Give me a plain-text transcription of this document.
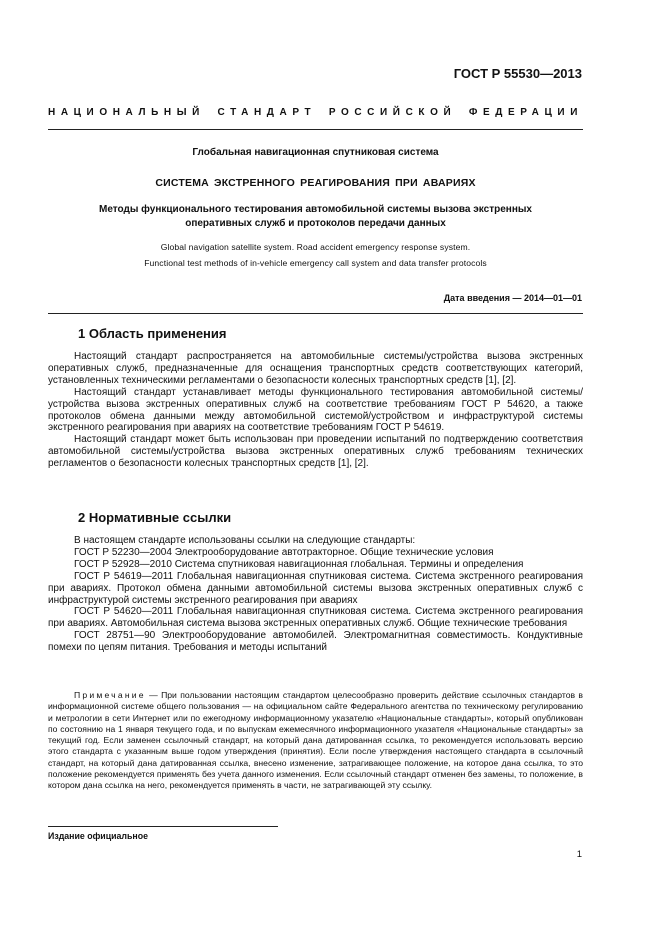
ГОСТ Р 55530—2013
НАЦИОНАЛЬНЫЙ СТАНДАРТ РОССИЙСКОЙ ФЕДЕРАЦИИ
Глобальная навигационная спутниковая система
СИСТЕМА ЭКСТРЕННОГО РЕАГИРОВАНИЯ ПРИ АВАРИЯХ
Методы функционального тестирования автомобильной системы вызова экстренных
оперативных служб и протоколов передачи данных
Global navigation satellite system. Road accident emergency response system.
Functional test methods of in-vehicle emergency call system and data transfer protocols
Дата введения — 2014—01—01
1 Область применения

Настоящий стандарт распространяется на автомобильные системы/устройства вызова экстренных оперативных служб, предназначенные для оснащения транспортных средств соответствующих категорий, установленных техническими регламентами о безопасности колесных транспортных средств [1], [2].

Настоящий стандарт устанавливает методы функционального тестирования автомобильной системы/устройства вызова экстренных оперативных служб на соответствие требованиям ГОСТ Р 54620, а также протоколов обмена данными между автомобильной системой/устройством и инфраструктурой системы экстренного реагирования при авариях на соответствие требованиям ГОСТ Р 54619.

Настоящий стандарт может быть использован при проведении испытаний по подтверждению соответствия автомобильной системы/устройства вызова экстренных оперативных служб требованиям технических регламентов о безопасности колесных транспортных средств [1], [2].

2 Нормативные ссылки

В настоящем стандарте использованы ссылки на следующие стандарты:

ГОСТ Р 52230—2004 Электрооборудование автотракторное. Общие технические условия

ГОСТ Р 52928—2010 Система спутниковая навигационная глобальная. Термины и определения

ГОСТ Р 54619—2011 Глобальная навигационная спутниковая система. Система экстренного реагирования при авариях. Протокол обмена данными автомобильной системы вызова экстренных оперативных служб с инфраструктурой системы экстренного реагирования при авариях

ГОСТ Р 54620—2011 Глобальная навигационная спутниковая система. Система экстренного реагирования при авариях. Автомобильная система вызова экстренных оперативных служб. Общие технические требования

ГОСТ 28751—90 Электрооборудование автомобилей. Электромагнитная совместимость. Кондуктивные помехи по цепям питания. Требования и методы испытаний

Примечание — При пользовании настоящим стандартом целесообразно проверить действие ссылочных стандартов в информационной системе общего пользования — на официальном сайте Федерального агентства по техническому регулированию и метрологии в сети Интернет или по ежегодному информационному указателю «Национальные стандарты», который опубликован по состоянию на 1 января текущего года, и по выпускам ежемесячного информационного указателя «Национальные стандарты» за текущий год. Если заменен ссылочный стандарт, на который дана датированная ссылка, то рекомендуется использовать версию этого стандарта с указанным выше годом утверждения (принятия). Если после утверждения настоящего стандарта в ссылочный стандарт, на который дана датированная ссылка, внесено изменение, затрагивающее положение, на которое дана ссылка, то это положение рекомендуется применять без учета данного изменения. Если ссылочный стандарт отменен без замены, то положение, в котором дана ссылка на него, рекомендуется применять в части, не затрагивающей эту ссылку.

Издание официальное
1
